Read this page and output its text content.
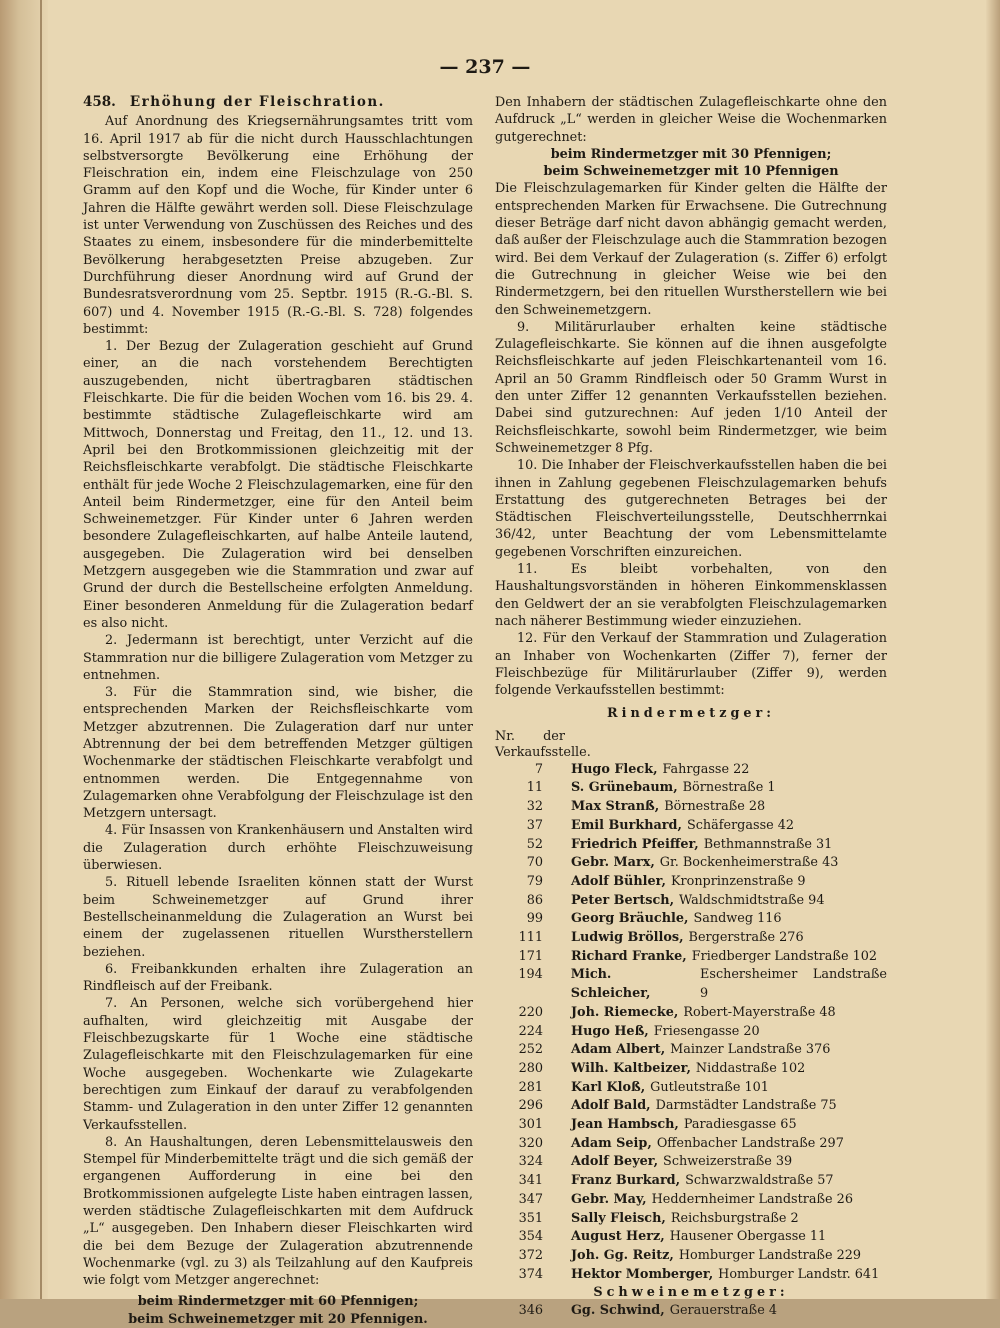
— 237 —
458. Erhöhung der Fleischration.

Auf Anordnung des Kriegsernährungsamtes tritt vom 16. April 1917 ab für die nicht durch Hausschlachtungen selbstversorgte Bevölkerung eine Erhöhung der Fleischration ein, indem eine Fleischzulage von 250 Gramm auf den Kopf und die Woche, für Kinder unter 6 Jahren die Hälfte gewährt werden soll. Diese Fleischzulage ist unter Verwendung von Zuschüssen des Reiches und des Staates zu einem, insbesondere für die minderbemittelte Bevölkerung herabgesetzten Preise abzugeben. Zur Durchführung dieser Anordnung wird auf Grund der Bundesratsverordnung vom 25. Septbr. 1915 (R.-G.-Bl. S. 607) und 4. November 1915 (R.-G.-Bl. S. 728) folgendes bestimmt:

1. Der Bezug der Zulageration geschieht auf Grund einer, an die nach vorstehendem Berechtigten auszugebenden, nicht übertragbaren städtischen Fleischkarte. Die für die beiden Wochen vom 16. bis 29. 4. bestimmte städtische Zulagefleischkarte wird am Mittwoch, Donnerstag und Freitag, den 11., 12. und 13. April bei den Brotkommissionen gleichzeitig mit der Reichsfleischkarte verabfolgt. Die städtische Fleischkarte enthält für jede Woche 2 Fleischzulagemarken, eine für den Anteil beim Rindermetzger, eine für den Anteil beim Schweinemetzger. Für Kinder unter 6 Jahren werden besondere Zulagefleischkarten, auf halbe Anteile lautend, ausgegeben. Die Zulageration wird bei denselben Metzgern ausgegeben wie die Stammration und zwar auf Grund der durch die Bestellscheine erfolgten Anmeldung. Einer besonderen Anmeldung für die Zulageration bedarf es also nicht.

2. Jedermann ist berechtigt, unter Verzicht auf die Stammration nur die billigere Zulageration vom Metzger zu entnehmen.

3. Für die Stammration sind, wie bisher, die entsprechenden Marken der Reichsfleischkarte vom Metzger abzutrennen. Die Zulageration darf nur unter Abtrennung der bei dem betreffenden Metzger gültigen Wochenmarke der städtischen Fleischkarte verabfolgt und entnommen werden. Die Entgegennahme von Zulagemarken ohne Verabfolgung der Fleischzulage ist den Metzgern untersagt.

4. Für Insassen von Krankenhäusern und Anstalten wird die Zulageration durch erhöhte Fleischzuweisung überwiesen.

5. Rituell lebende Israeliten können statt der Wurst beim Schweinemetzger auf Grund ihrer Bestellscheinanmeldung die Zulageration an Wurst bei einem der zugelassenen rituellen Wurstherstellern beziehen.

6. Freibankkunden erhalten ihre Zulageration an Rindfleisch auf der Freibank.

7. An Personen, welche sich vorübergehend hier aufhalten, wird gleichzeitig mit Ausgabe der Fleischbezugskarte für 1 Woche eine städtische Zulagefleischkarte mit den Fleischzulagemarken für eine Woche ausgegeben. Wochenkarte wie Zulagekarte berechtigen zum Einkauf der darauf zu verabfolgenden Stamm- und Zulageration in den unter Ziffer 12 genannten Verkaufsstellen.

8. An Haushaltungen, deren Lebensmittelausweis den Stempel für Minderbemittelte trägt und die sich gemäß der ergangenen Aufforderung in eine bei den Brotkommissionen aufgelegte Liste haben eintragen lassen, werden städtische Zulagefleischkarten mit dem Aufdruck „L“ ausgegeben. Den Inhabern dieser Fleischkarten wird die bei dem Bezuge der Zulageration abzutrennende Wochenmarke (vgl. zu 3) als Teilzahlung auf den Kaufpreis wie folgt vom Metzger angerechnet:

beim Rindermetzger mit 60 Pfennigen;

beim Schweinemetzger mit 20 Pfennigen.

Den Inhabern der städtischen Zulagefleischkarte ohne den Aufdruck „L“ werden in gleicher Weise die Wochenmarken gutgerechnet:

beim Rindermetzger mit 30 Pfennigen;

beim Schweinemetzger mit 10 Pfennigen

Die Fleischzulagemarken für Kinder gelten die Hälfte der entsprechenden Marken für Erwachsene. Die Gutrechnung dieser Beträge darf nicht davon abhängig gemacht werden, daß außer der Fleischzulage auch die Stammration bezogen wird. Bei dem Verkauf der Zulageration (s. Ziffer 6) erfolgt die Gutrechnung in gleicher Weise wie bei den Rindermetzgern, bei den rituellen Wurstherstellern wie bei den Schweinemetzgern.

9. Militärurlauber erhalten keine städtische Zulagefleischkarte. Sie können auf die ihnen ausgefolgte Reichsfleischkarte auf jeden Fleischkartenanteil vom 16. April an 50 Gramm Rindfleisch oder 50 Gramm Wurst in den unter Ziffer 12 genannten Verkaufsstellen beziehen. Dabei sind gutzurechnen: Auf jeden 1/10 Anteil der Reichsfleischkarte, sowohl beim Rindermetzger, wie beim Schweinemetzger 8 Pfg.

10. Die Inhaber der Fleischverkaufsstellen haben die bei ihnen in Zahlung gegebenen Fleischzulagemarken behufs Erstattung des gutgerechneten Betrages bei der Städtischen Fleischverteilungsstelle, Deutschherrnkai 36/42, unter Beachtung der vom Lebensmittelamte gegebenen Vorschriften einzureichen.

11. Es bleibt vorbehalten, von den Haushaltungsvorständen in höheren Einkommensklassen den Geldwert der an sie verabfolgten Fleischzulagemarken nach näherer Bestimmung wieder einzuziehen.

12. Für den Verkauf der Stammration und Zulageration an Inhaber von Wochenkarten (Ziffer 7), ferner der Fleischbezüge für Militärurlauber (Ziffer 9), werden folgende Verkaufsstellen bestimmt:

Rindermetzger:

Nr. der Verkaufsstelle.
7	Hugo Fleck, Fahrgasse 22
11	S. Grünebaum, Börnestraße 1
32	Max Stranß, Börnestraße 28
37	Emil Burkhard, Schäfergasse 42
52	Friedrich Pfeiffer, Bethmannstraße 31
70	Gebr. Marx, Gr. Bockenheimerstraße 43
79	Adolf Bühler, Kronprinzenstraße 9
86	Peter Bertsch, Waldschmidtstraße 94
99	Georg Bräuchle, Sandweg 116
111	Ludwig Bröllos, Bergerstraße 276
171	Richard Franke, Friedberger Landstraße 102
194	Mich. Schleicher,
Eschersheimer Landstraße 9
220	Joh. Riemecke, Robert-Mayerstraße 48
224	Hugo Heß, Friesengasse 20
252	Adam Albert, Mainzer Landstraße 376
280	Wilh. Kaltbeizer, Niddastraße 102
281	Karl Kloß, Gutleutstraße 101
296	Adolf Bald, Darmstädter Landstraße 75
301	Jean Hambsch, Paradiesgasse 65
320	Adam Seip, Offenbacher Landstraße 297
324	Adolf Beyer, Schweizerstraße 39
341	Franz Burkard, Schwarzwaldstraße 57
347	Gebr. May, Heddernheimer Landstraße 26
351	Sally Fleisch, Reichsburgstraße 2
354	August Herz, Hausener Obergasse 11
372	Joh. Gg. Reitz, Homburger Landstraße 229
374	Hektor Momberger, Homburger Landstr. 641

Schweinemetzger:

346	Gg. Schwind, Gerauerstraße 4
